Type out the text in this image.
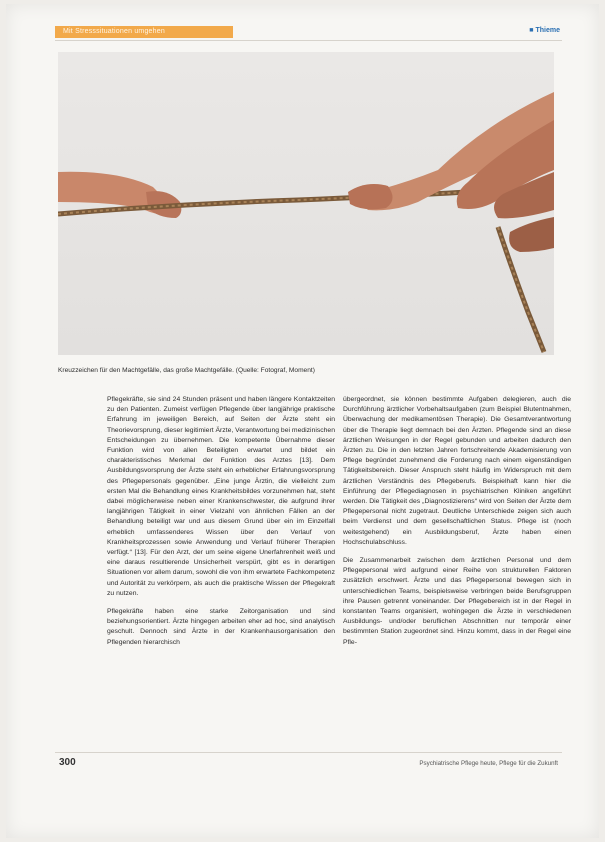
Mit Stresssituationen umgehen	■ Thieme
Kreuzzeichen für den Machtgefälle, das große Machtgefälle. (Quelle: Fotograf, Moment)

Pflegekräfte, sie sind 24 Stunden präsent und haben längere Kontaktzeiten zu den Patienten. Zumeist verfügen Pflegende über langjährige praktische Erfahrung im jeweiligen Bereich, auf Seiten der Ärzte steht ein Theorievorsprung, dieser legitimiert Ärzte, Verantwortung bei medizinischen Entscheidungen zu übernehmen. Die kompetente Übernahme dieser Funktion wird von allen Beteiligten erwartet und bildet ein charakteristisches Merkmal der Funktion des Arztes [13]. Dem Ausbildungsvorsprung der Ärzte steht ein erheblicher Erfahrungsvorsprung des Pflegepersonals gegenüber. „Eine junge Ärztin, die vielleicht zum ersten Mal die Behandlung eines Krankheitsbildes vorzunehmen hat, steht dabei möglicherweise neben einer Krankenschwester, die aufgrund ihrer langjährigen Tätigkeit in einer Vielzahl von ähnlichen Fällen an der Behandlung beteiligt war und aus diesem Grund über ein im Einzelfall erheblich umfassenderes Wissen über den Verlauf von Krankheitsprozessen sowie Anwendung und Verlauf früherer Therapien verfügt.“ [13]. Für den Arzt, der um seine eigene Unerfahrenheit weiß und eine daraus resultierende Unsicherheit verspürt, gibt es in derartigen Situationen vor allem darum, sowohl die von ihm erwartete Fachkompetenz und Autorität zu verkörpern, als auch die praktische Wissen der Pflegekraft zu nutzen.

Pflegekräfte haben eine starke Zeitorganisation und sind beziehungsorientiert. Ärzte hingegen arbeiten eher ad hoc, sind analytisch geschult. Dennoch sind Ärzte in der Krankenhausorganisation den Pflegenden hierarchisch

übergeordnet, sie können bestimmte Aufgaben delegieren, auch die Durchführung ärztlicher Vorbehaltsaufgaben (zum Beispiel Blutentnahmen, Überwachung der medikamentösen Therapie). Die Gesamtverantwortung über die Therapie liegt demnach bei den Ärzten. Pflegende sind an diese ärztlichen Weisungen in der Regel gebunden und arbeiten dadurch den Ärzten zu. Die in den letzten Jahren fortschreitende Akademisierung von Pflege begründet zunehmend die Forderung nach einem eigenständigen Tätigkeitsbereich. Dieser Anspruch steht häufig im Widerspruch mit dem ärztlichen Verständnis des Pflegeberufs. Beispielhaft kann hier die Einführung der Pflegediagnosen in psychiatrischen Kliniken angeführt werden. Die Tätigkeit des „Diagnostizierens“ wird von Seiten der Ärzte dem Pflegepersonal nicht zugetraut. Deutliche Unterschiede zeigen sich auch beim Verdienst und dem gesellschaftlichen Status. Pflege ist (noch weitestgehend) ein Ausbildungsberuf, Ärzte haben einen Hochschulabschluss.

Die Zusammenarbeit zwischen dem ärztlichen Personal und dem Pflegepersonal wird aufgrund einer Reihe von strukturellen Faktoren zusätzlich erschwert. Ärzte und das Pflegepersonal bewegen sich in unterschiedlichen Teams, beispielsweise verbringen beide Berufsgruppen ihre Pausen getrennt voneinander. Der Pflegebereich ist in der Regel in konstanten Teams organisiert, wohingegen die Ärzte in verschiedenen Ausbildungs- und/oder beruflichen Abschnitten nur temporär einer bestimmten Station zugeordnet sind. Hinzu kommt, dass in der Regel eine Pfle-

300	Psychiatrische Pflege heute, Pflege für die Zukunft
